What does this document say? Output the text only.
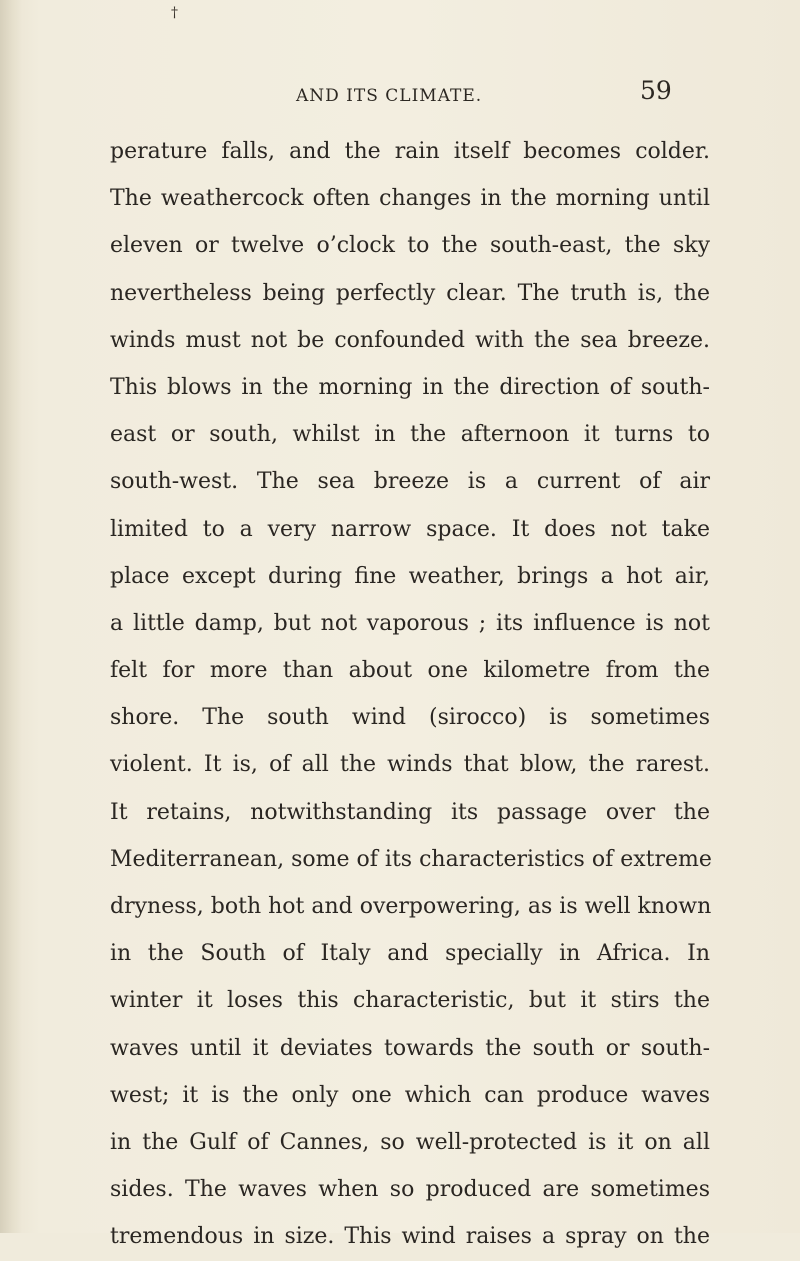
†
AND ITS CLIMATE.	59
perature falls, and the rain itself becomes colder.
The weathercock often changes in the morning until
eleven or twelve o’clock to the south-east, the sky
nevertheless being perfectly clear. The truth is, the
winds must not be confounded with the sea breeze.
This blows in the morning in the direction of south-
east or south, whilst in the afternoon it turns to
south-west. The sea breeze is a current of air
limited to a very narrow space. It does not take
place except during fine weather, brings a hot air,
a little damp, but not vaporous ; its influence is not
felt for more than about one kilometre from the
shore. The south wind (sirocco) is sometimes
violent. It is, of all the winds that blow, the rarest.
It retains, notwithstanding its passage over the
Mediterranean, some of its characteristics of extreme
dryness, both hot and overpowering, as is well known
in the South of Italy and specially in Africa. In
winter it loses this characteristic, but it stirs the
waves until it deviates towards the south or south-
west; it is the only one which can produce waves
in the Gulf of Cannes, so well-protected is it on all
sides. The waves when so produced are sometimes
tremendous in size. This wind raises a spray on the
